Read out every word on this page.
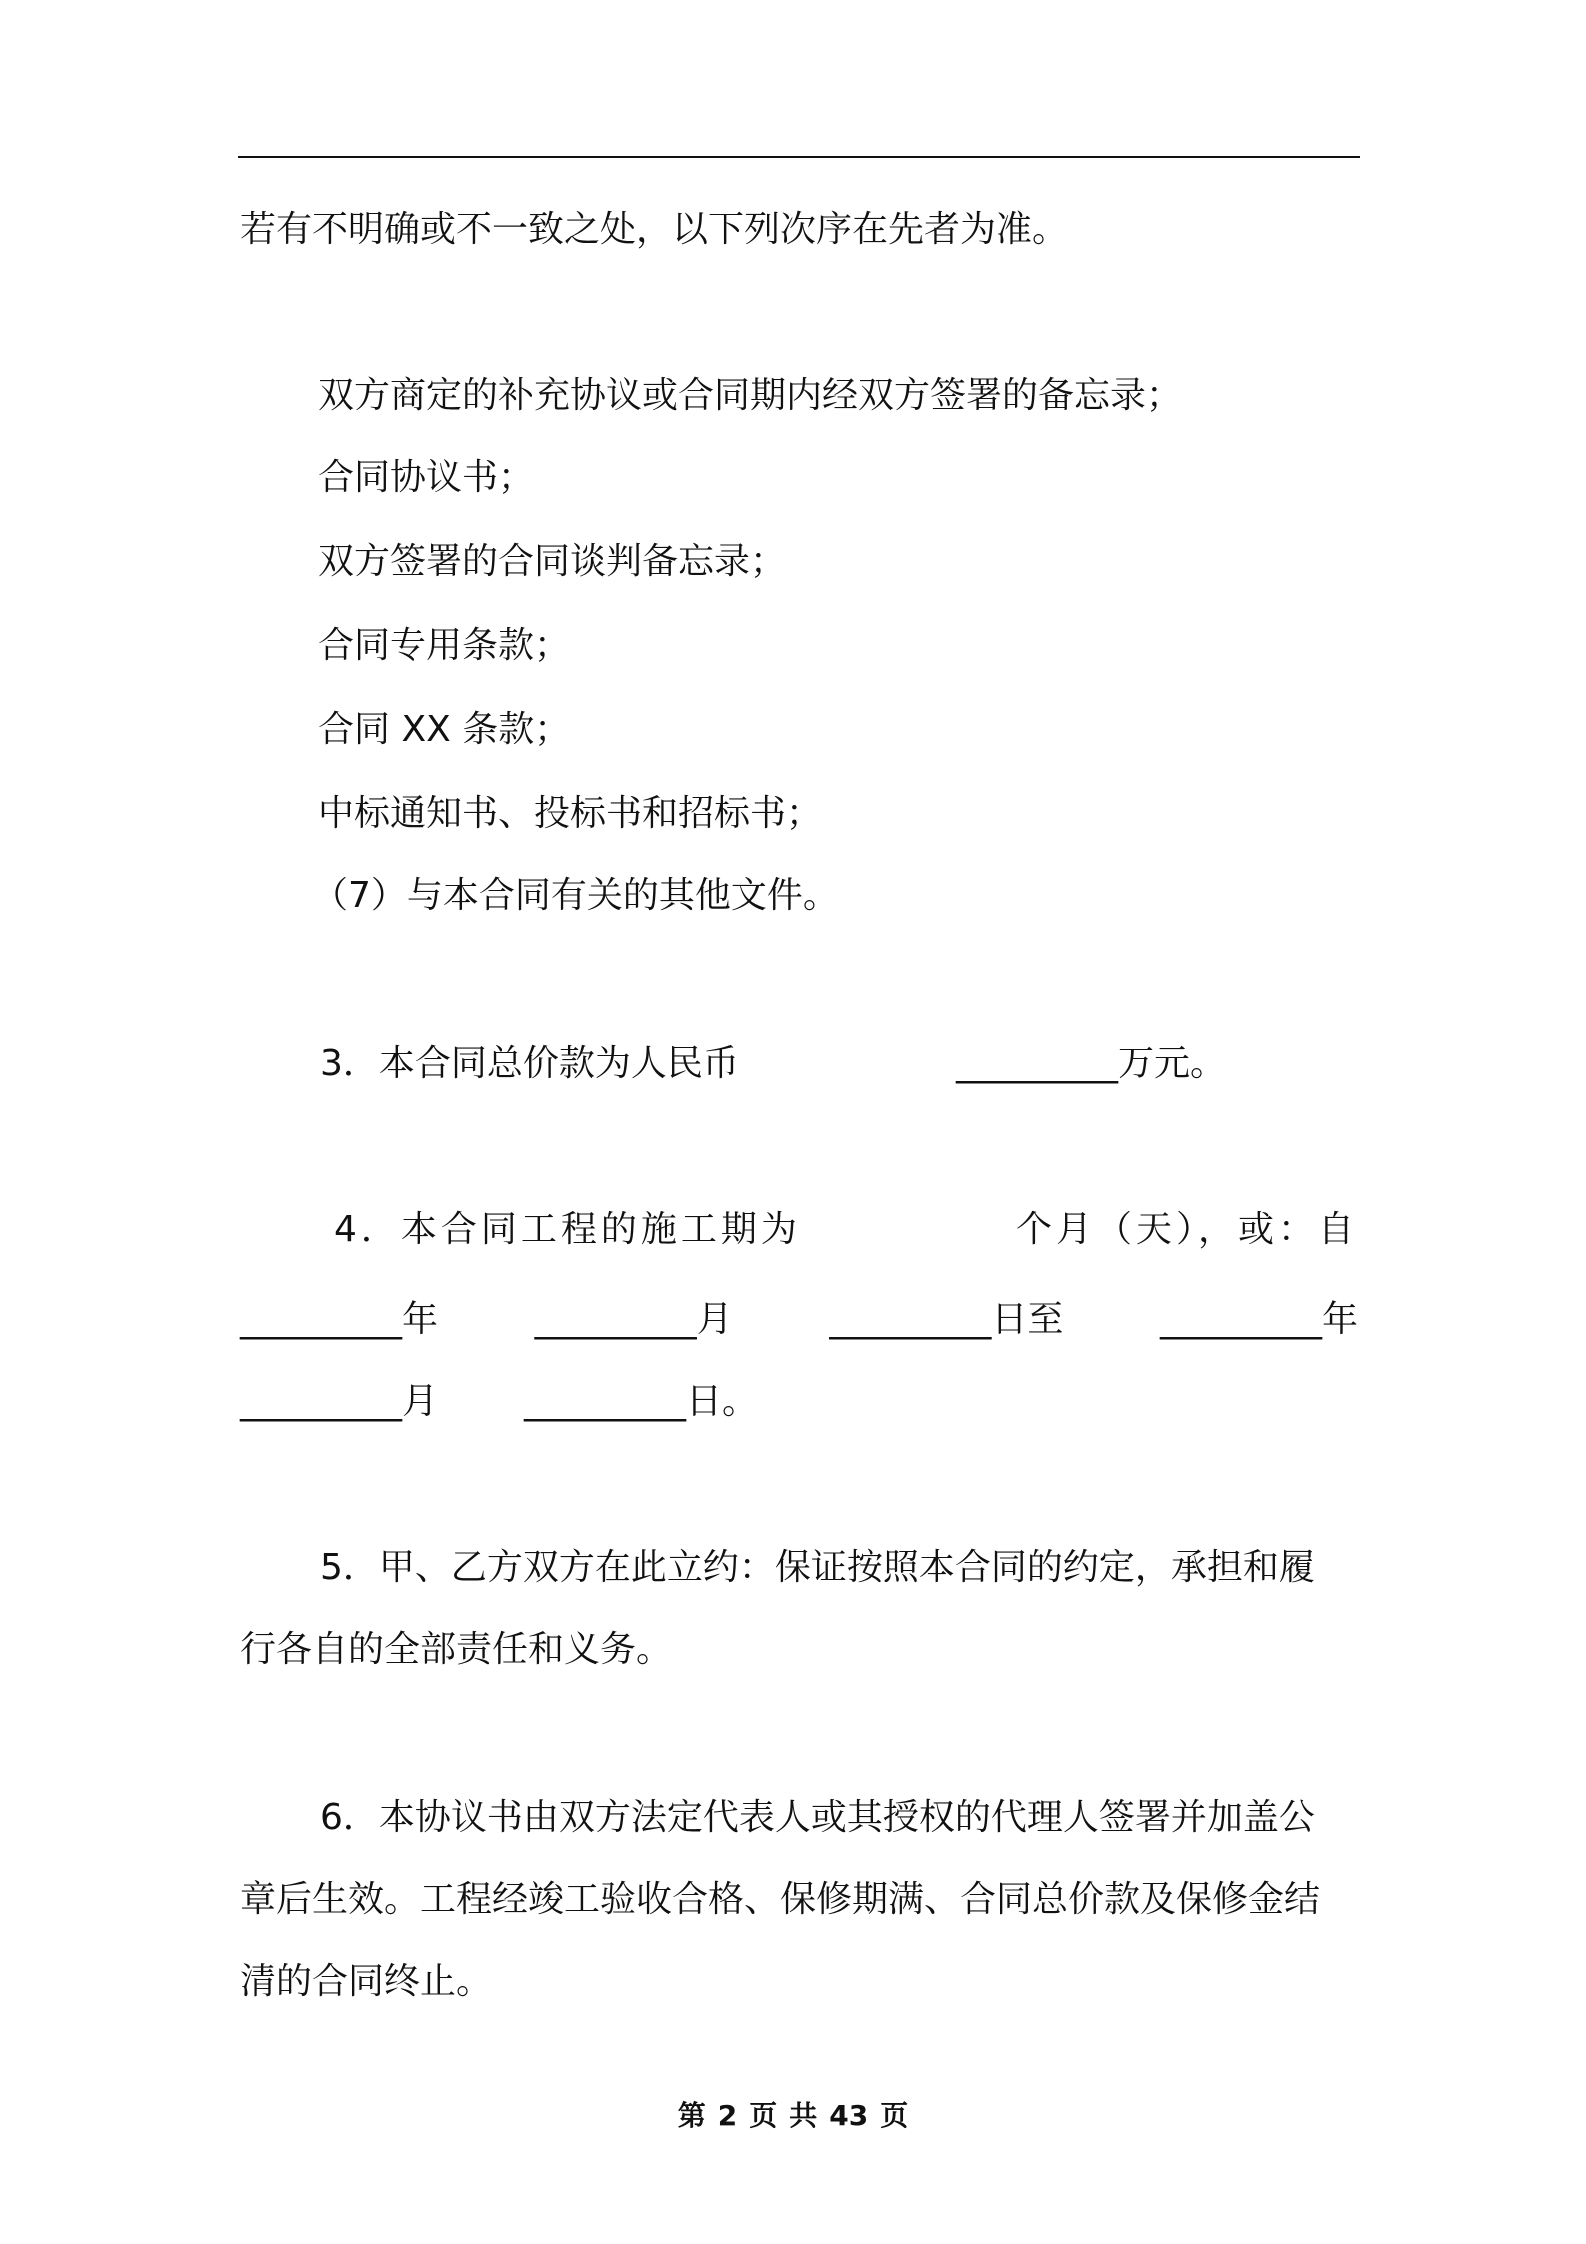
若有不明确或不一致之处，以下列次序在先者为准。
双方商定的补充协议或合同期内经双方签署的备忘录；
合同协议书；
双方签署的合同谈判备忘录；
合同专用条款；
合同 XX 条款；
中标通知书、投标书和招标书；
（7）与本合同有关的其他文件。
3．本合同总价款为人民币	_________万元。
4．本合同工程的施工期为	个月（天），或：自
_________年	_________月	_________日至	_________年
_________月 _________日。
5．甲、乙方双方在此立约：保证按照本合同的约定，承担和履
行各自的全部责任和义务。
6．本协议书由双方法定代表人或其授权的代理人签署并加盖公
章后生效。工程经竣工验收合格、保修期满、合同总价款及保修金结
清的合同终止。
第 2 页 共 43 页
